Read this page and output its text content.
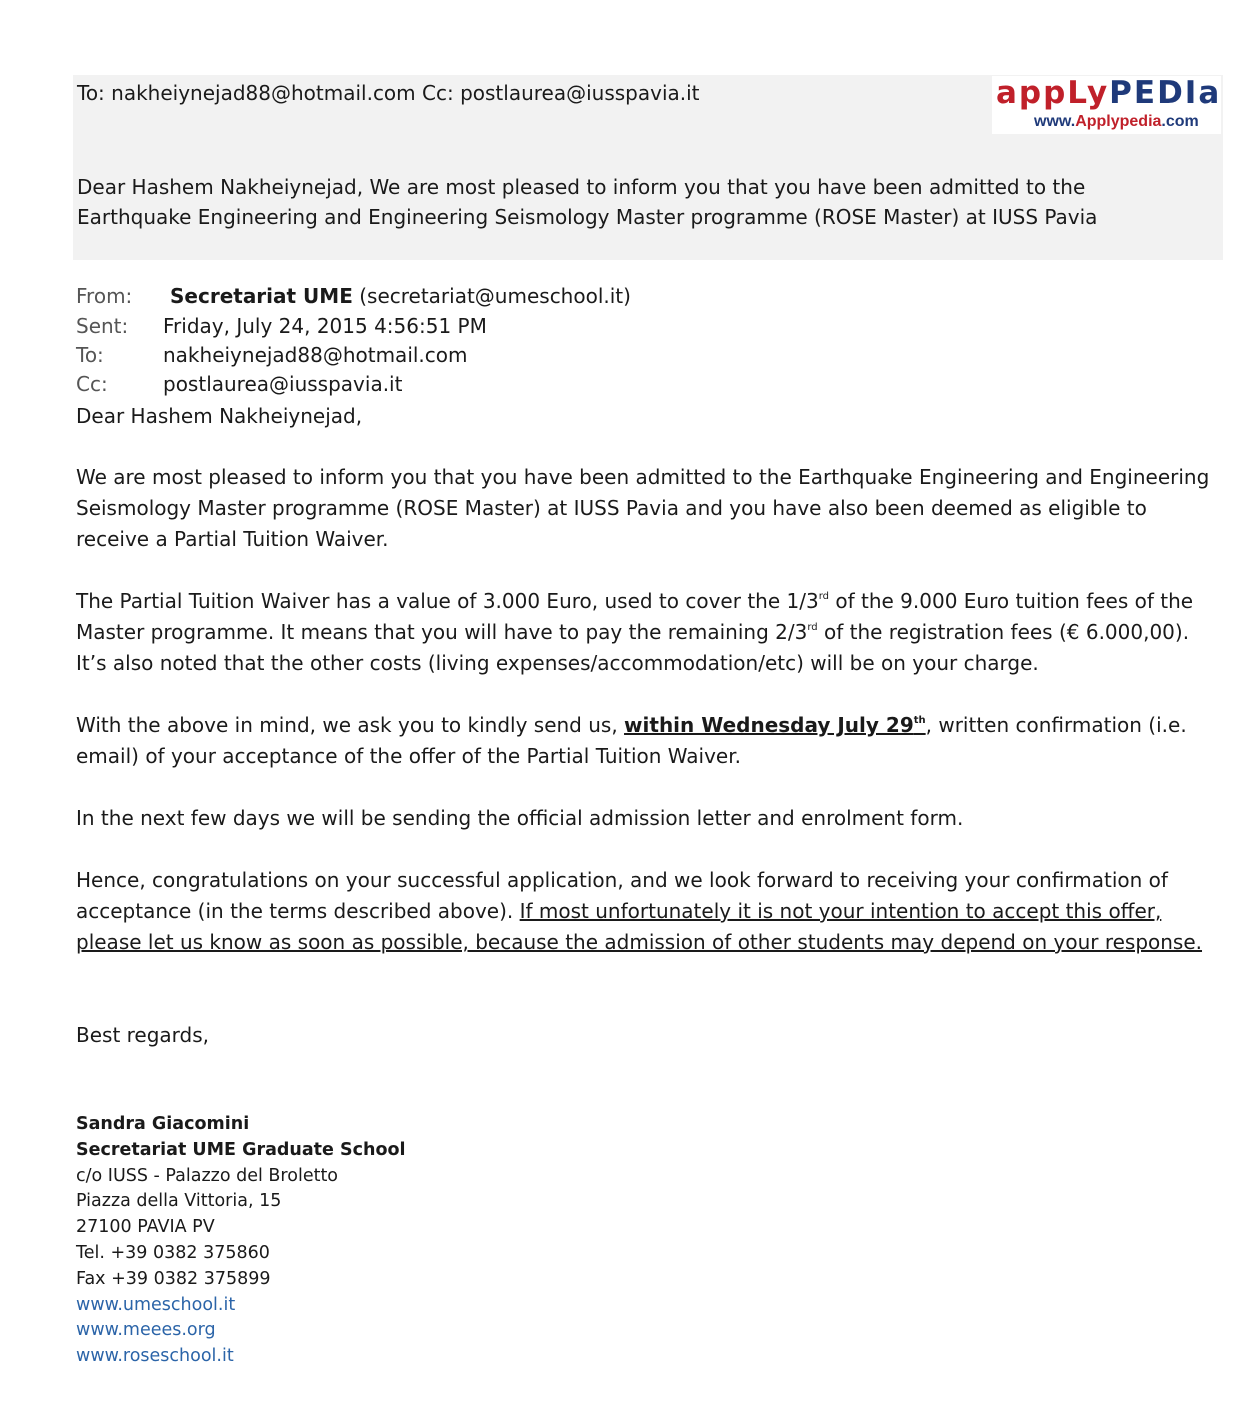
To: nakheiynejad88@hotmail.com Cc: postlaurea@iusspavia.it
Dear Hashem Nakheiynejad, We are most pleased to inform you that you have been admitted to the Earthquake Engineering and Engineering Seismology Master programme (ROSE Master) at IUSS Pavia
appLyPEDIa
www.Applypedia.com
From: Secretariat UME (secretariat@umeschool.it)
Sent: Friday, July 24, 2015 4:56:51 PM
To:	nakheiynejad88@hotmail.com
Cc:	postlaurea@iusspavia.it
Dear Hashem Nakheiynejad,

We are most pleased to inform you that you have been admitted to the Earthquake Engineering and Engineering Seismology Master programme (ROSE Master) at IUSS Pavia and you have also been deemed as eligible to receive a Partial Tuition Waiver.

The Partial Tuition Waiver has a value of 3.000 Euro, used to cover the 1/3rd of the 9.000 Euro tuition fees of the Master programme. It means that you will have to pay the remaining 2/3rd of the registration fees (€ 6.000,00). It’s also noted that the other costs (living expenses/accommodation/etc) will be on your charge.

With the above in mind, we ask you to kindly send us, within Wednesday July 29th, written confirmation (i.e. email) of your acceptance of the offer of the Partial Tuition Waiver.

In the next few days we will be sending the official admission letter and enrolment form.

Hence, congratulations on your successful application, and we look forward to receiving your confirmation of acceptance (in the terms described above). If most unfortunately it is not your intention to accept this offer, please let us know as soon as possible, because the admission of other students may depend on your response.

Best regards,
Sandra Giacomini
Secretariat UME Graduate School
c/o IUSS - Palazzo del Broletto
Piazza della Vittoria, 15
27100 PAVIA PV
Tel. +39 0382 375860
Fax +39 0382 375899
www.umeschool.it
www.meees.org
www.roseschool.it
